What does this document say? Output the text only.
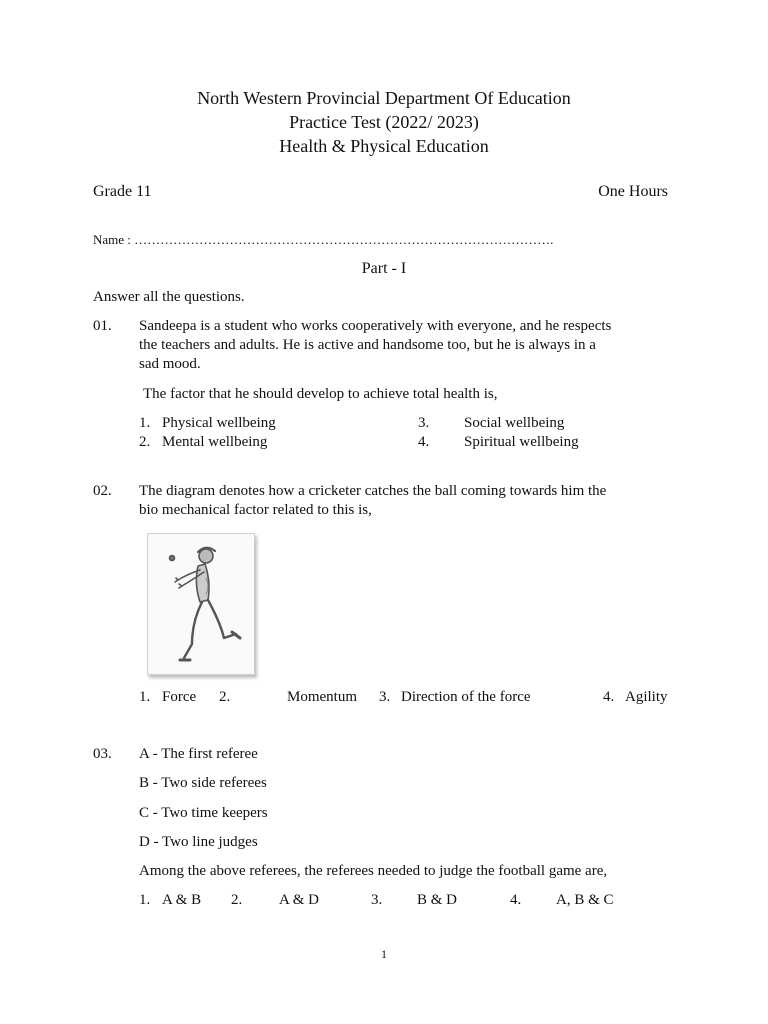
North Western Provincial Department Of Education
Practice Test (2022/ 2023)
Health & Physical Education
Grade 11	One Hours
Name : …………………………………………………………………………………….
Part - I
Answer all the questions.
01. Sandeepa is a student who works cooperatively with everyone, and he respects
the teachers and adults. He is active and handsome too, but he is always in a
sad mood.
The factor that he should develop to achieve total health is,
1. Physical wellbeing
2. Mental wellbeing
3. Social wellbeing
4. Spiritual wellbeing
02. The diagram denotes how a cricketer catches the ball coming towards him the
bio mechanical factor related to this is,
1. Force 2.	Momentum 3. Direction of the force	4. Agility
03. A - The first referee
B - Two side referees
C - Two time keepers
D - Two line judges
Among the above referees, the referees needed to judge the football game are,
1. A & B 2. A & D	3. B & D	4. A, B & C
1
